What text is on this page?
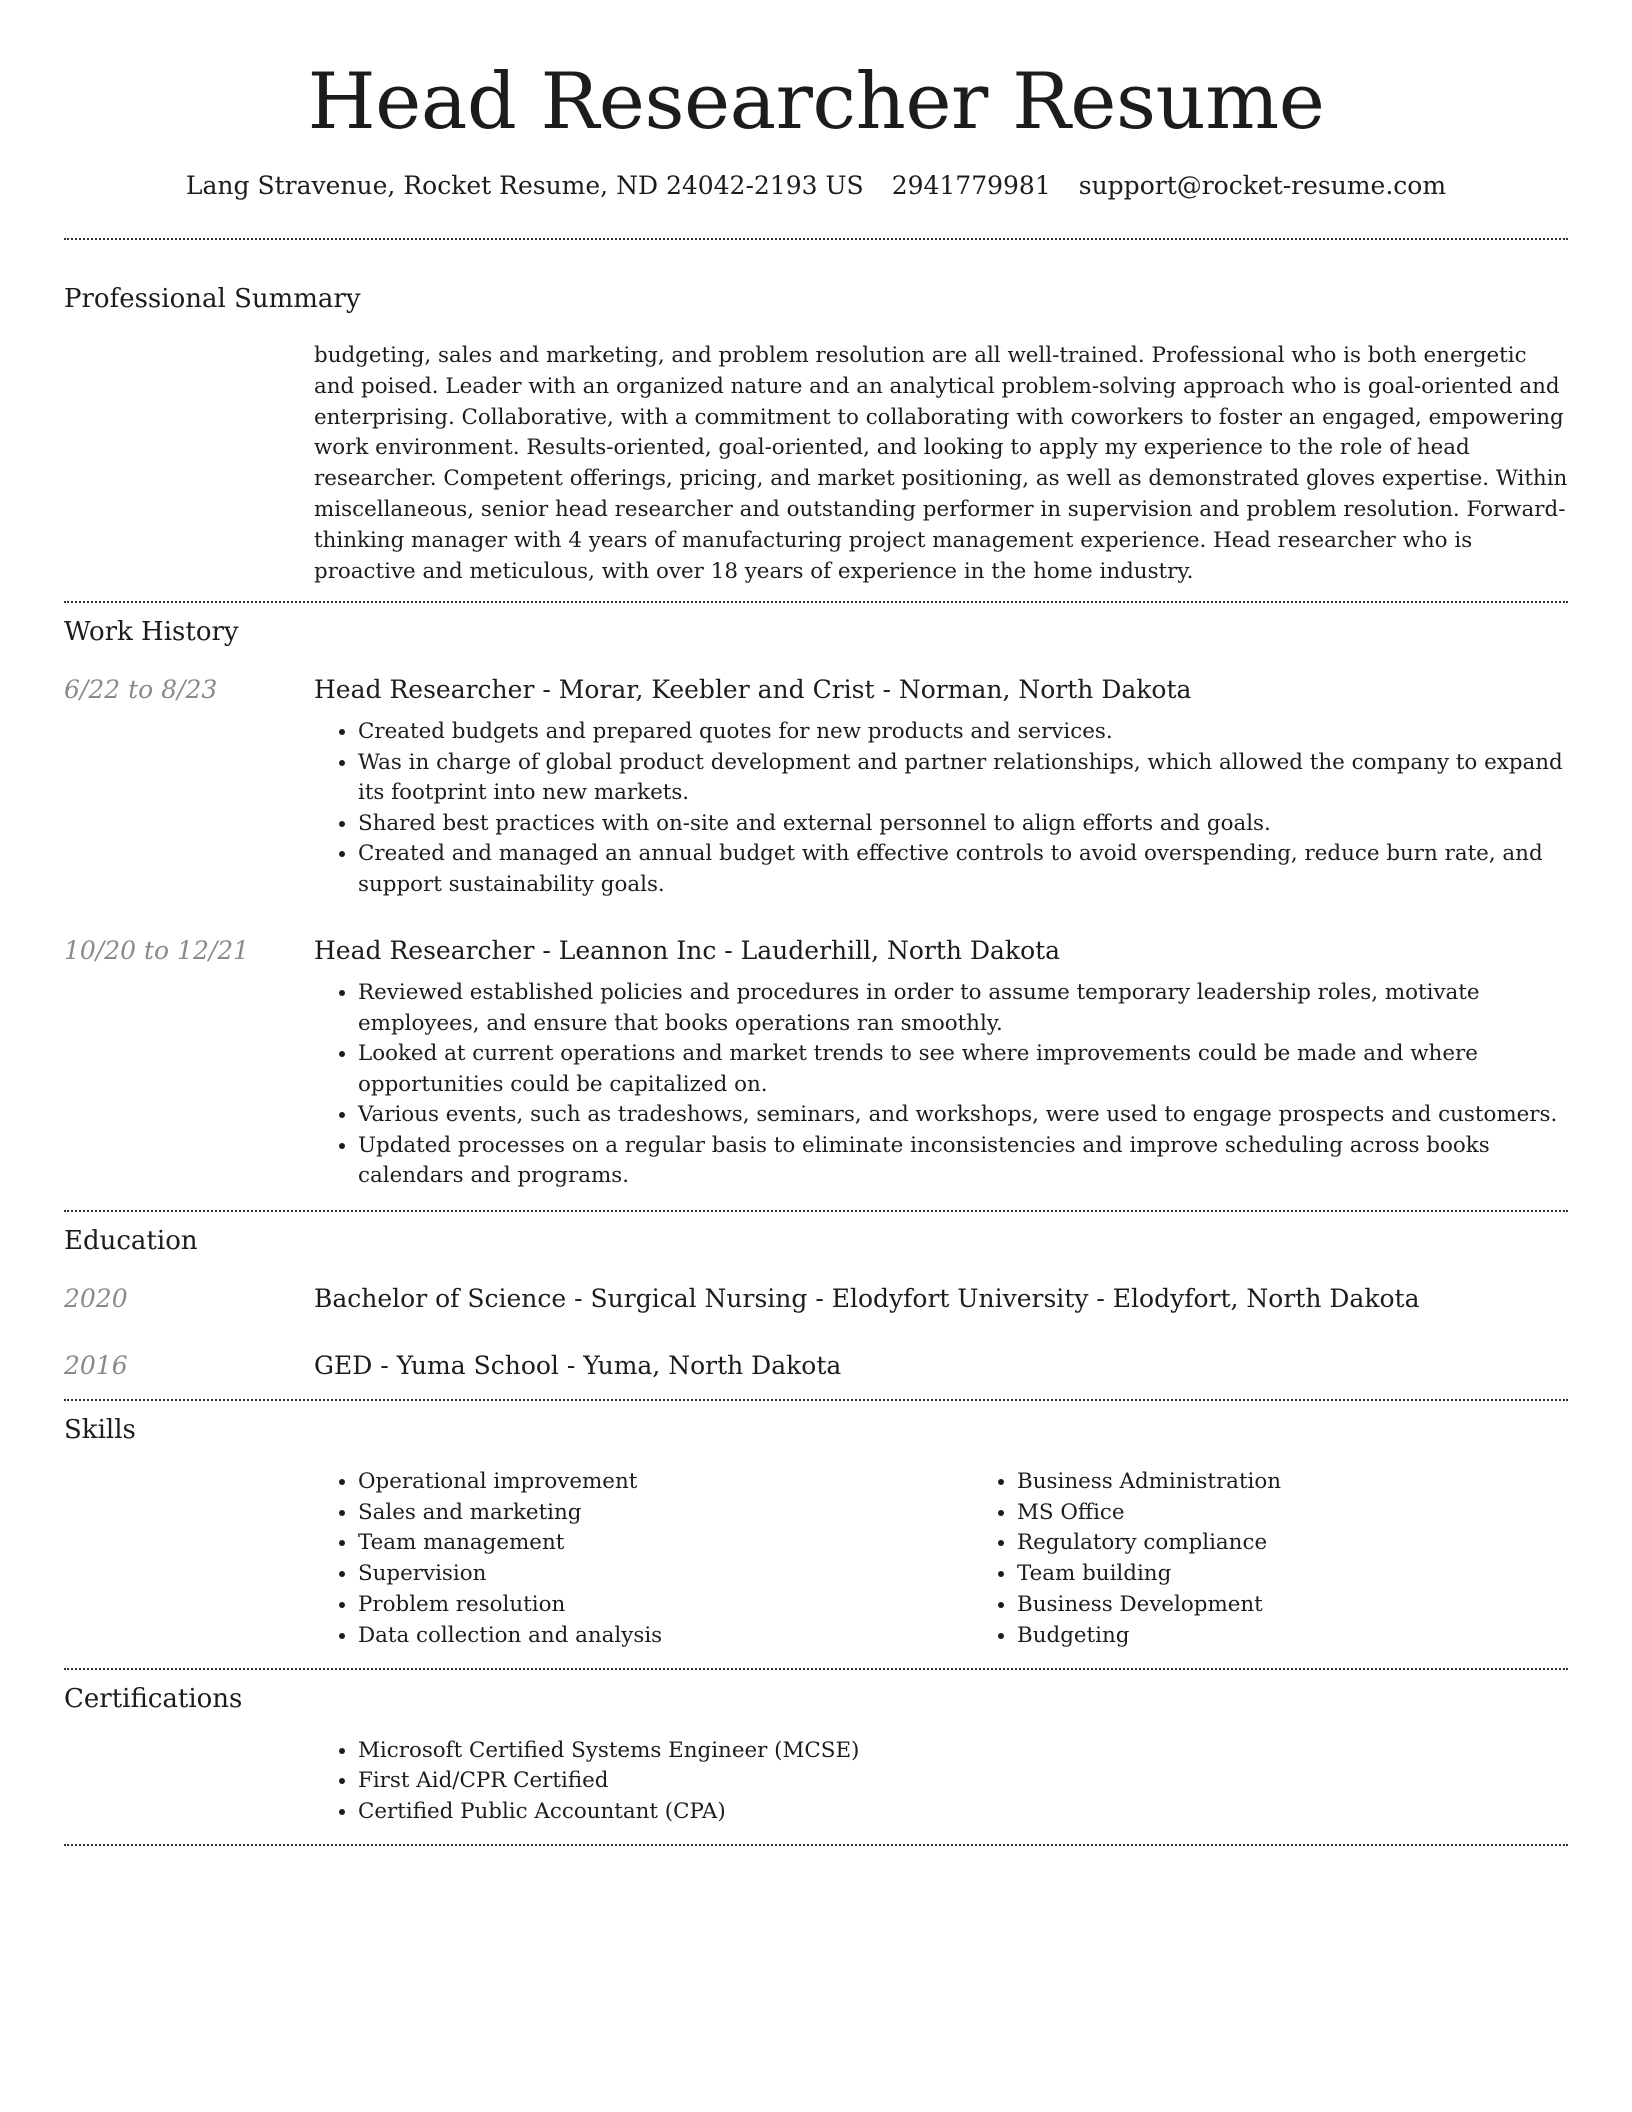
Head Researcher Resume
Lang Stravenue, Rocket Resume, ND 24042-2193 US 2941779981 support@rocket-resume.com
Professional Summary
budgeting, sales and marketing, and problem resolution are all well-trained. Professional who is both energetic and poised. Leader with an organized nature and an analytical problem-solving approach who is goal-oriented and enterprising. Collaborative, with a commitment to collaborating with coworkers to foster an engaged, empowering work environment. Results-oriented, goal-oriented, and looking to apply my experience to the role of head researcher. Competent offerings, pricing, and market positioning, as well as demonstrated gloves expertise. Within miscellaneous, senior head researcher and outstanding performer in supervision and problem resolution. Forward-thinking manager with 4 years of manufacturing project management experience. Head researcher who is proactive and meticulous, with over 18 years of experience in the home industry.
Work History
6/22 to 8/23	Head Researcher - Morar, Keebler and Crist - Norman, North Dakota
• Created budgets and prepared quotes for new products and services.
• Was in charge of global product development and partner relationships, which allowed the company to expand its footprint into new markets.
• Shared best practices with on-site and external personnel to align efforts and goals.
• Created and managed an annual budget with effective controls to avoid overspending, reduce burn rate, and support sustainability goals.
10/20 to 12/21	Head Researcher - Leannon Inc - Lauderhill, North Dakota
• Reviewed established policies and procedures in order to assume temporary leadership roles, motivate employees, and ensure that books operations ran smoothly.
• Looked at current operations and market trends to see where improvements could be made and where opportunities could be capitalized on.
• Various events, such as tradeshows, seminars, and workshops, were used to engage prospects and customers.
• Updated processes on a regular basis to eliminate inconsistencies and improve scheduling across books calendars and programs.
Education
2020	Bachelor of Science - Surgical Nursing - Elodyfort University - Elodyfort, North Dakota
2016	GED - Yuma School - Yuma, North Dakota
Skills
• Operational improvement
• Sales and marketing
• Team management
• Supervision
• Problem resolution
• Data collection and analysis
• Business Administration
• MS Office
• Regulatory compliance
• Team building
• Business Development
• Budgeting
Certifications
• Microsoft Certified Systems Engineer (MCSE)
• First Aid/CPR Certified
• Certified Public Accountant (CPA)
